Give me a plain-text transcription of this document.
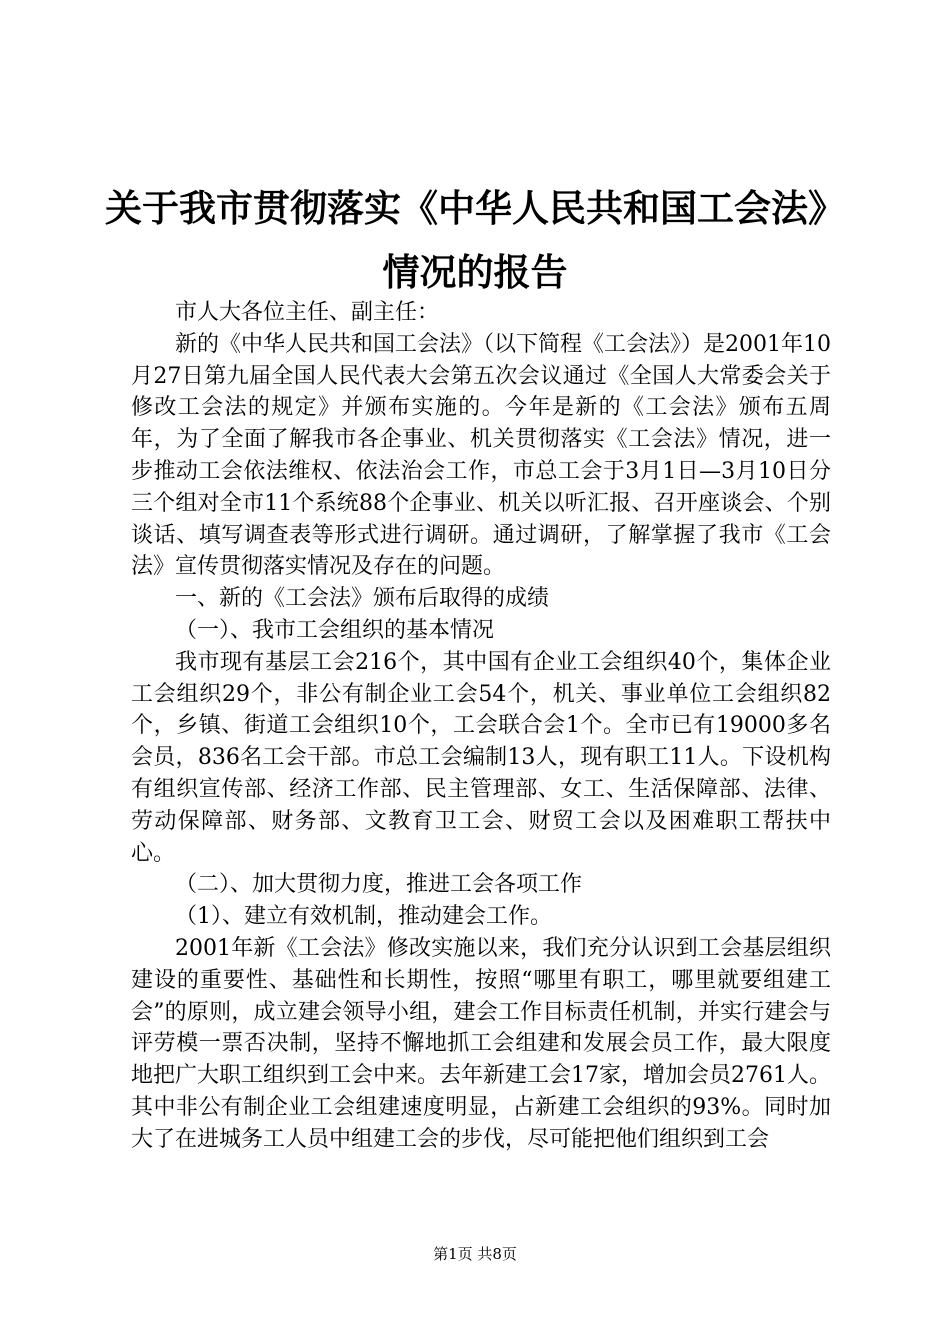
关于我市贯彻落实《中华人民共和国工会法》
情况的报告

市人大各位主任、副主任：

新的《中华人民共和国工会法》（以下简程《工会法》）是2001年10月27日第九届全国人民代表大会第五次会议通过《全国人大常委会关于修改工会法的规定》并颁布实施的。今年是新的《工会法》颁布五周年，为了全面了解我市各企事业、机关贯彻落实《工会法》情况，进一步推动工会依法维权、依法治会工作，市总工会于3月1日—3月10日分三个组对全市11个系统88个企事业、机关以听汇报、召开座谈会、个别谈话、填写调查表等形式进行调研。通过调研，了解掌握了我市《工会法》宣传贯彻落实情况及存在的问题。

一、新的《工会法》颁布后取得的成绩

（一）、我市工会组织的基本情况

我市现有基层工会216个，其中国有企业工会组织40个，集体企业工会组织29个，非公有制企业工会54个，机关、事业单位工会组织82个，乡镇、街道工会组织10个，工会联合会1个。全市已有19000多名会员，836名工会干部。市总工会编制13人，现有职工11人。下设机构有组织宣传部、经济工作部、民主管理部、女工、生活保障部、法律、劳动保障部、财务部、文教育卫工会、财贸工会以及困难职工帮扶中心。

（二）、加大贯彻力度，推进工会各项工作

（1）、建立有效机制，推动建会工作。

2001年新《工会法》修改实施以来，我们充分认识到工会基层组织建设的重要性、基础性和长期性，按照“哪里有职工，哪里就要组建工会”的原则，成立建会领导小组，建会工作目标责任机制，并实行建会与评劳模一票否决制，坚持不懈地抓工会组建和发展会员工作，最大限度地把广大职工组织到工会中来。去年新建工会17家，增加会员2761人。其中非公有制企业工会组建速度明显，占新建工会组织的93%。同时加大了在进城务工人员中组建工会的步伐，尽可能把他们组织到工会

第1页 共8页
